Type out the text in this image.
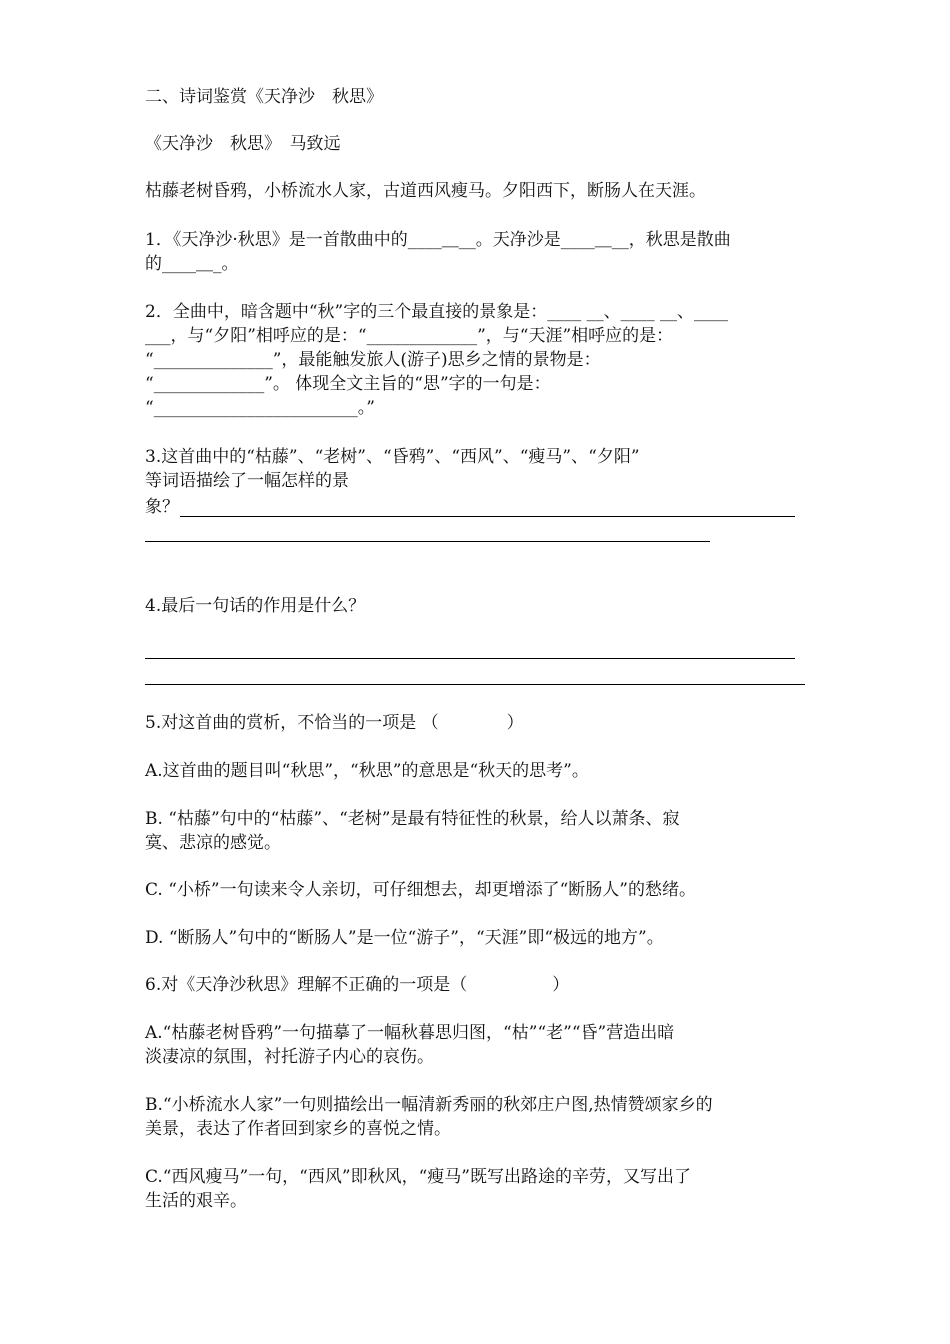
二、诗词鉴赏《天净沙　秋思》
《天净沙　秋思》　马致远
枯藤老树昏鸦，小桥流水人家，古道西风瘦马。夕阳西下，断肠人在天涯。
1．《天净沙·秋思》是一首散曲中的____＿__。天净沙是____＿__，秋思是散曲
的____＿_。
2．全曲中，暗含题中“秋”字的三个最直接的景象是：____ __、____ __、____
___，与“夕阳”相呼应的是：“_____________”，与“天涯”相呼应的是：
“______________”，最能触发旅人(游子)思乡之情的景物是：
“_____________”。 体现全文主旨的“思”字的一句是：
“________________________。”
3.这首曲中的“枯藤”、“老树”、“昏鸦”、“西风”、“瘦马”、“夕阳”
等词语描绘了一幅怎样的景
象？
4.最后一句话的作用是什么？
5.对这首曲的赏析，不恰当的一项是 （　　　　）
A.这首曲的题目叫“秋思”，“秋思”的意思是“秋天的思考”。
B. “枯藤”句中的“枯藤”、“老树”是最有特征性的秋景，给人以萧条、寂
寞、悲凉的感觉。
C. “小桥”一句读来令人亲切，可仔细想去，却更增添了“断肠人”的愁绪。
D. “断肠人”句中的“断肠人”是一位“游子”，“天涯”即“极远的地方”。
6.对《天净沙秋思》理解不正确的一项是（　　　　　）
A.“枯藤老树昏鸦”一句描摹了一幅秋暮思归图，“枯”“老”“昏”营造出暗
淡凄凉的氛围，衬托游子内心的哀伤。
B.“小桥流水人家”一句则描绘出一幅清新秀丽的秋郊庄户图,热情赞颂家乡的
美景，表达了作者回到家乡的喜悦之情。
C.“西风瘦马”一句，“西风”即秋风，“瘦马”既写出路途的辛劳，又写出了
生活的艰辛。
